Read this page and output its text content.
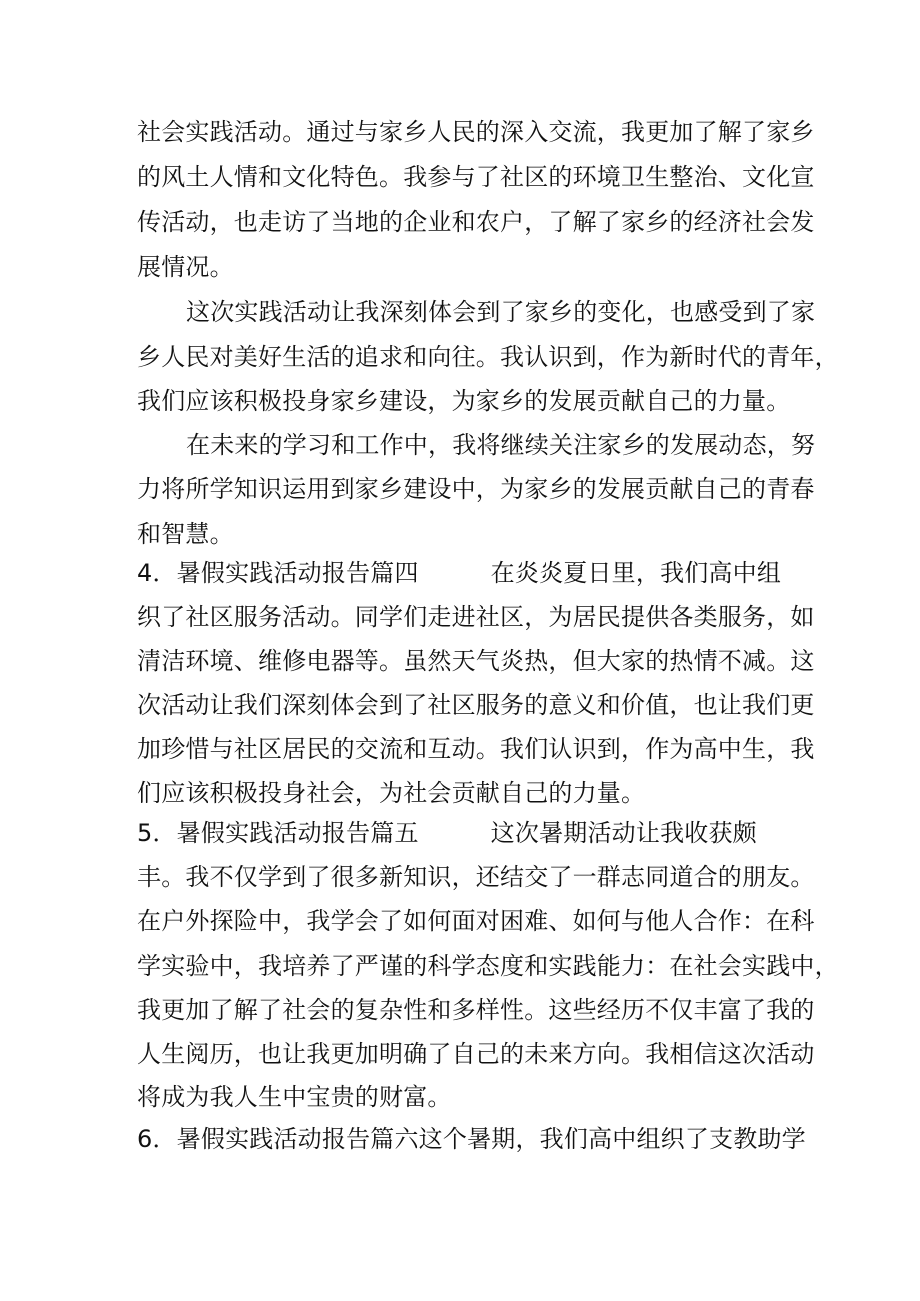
社会实践活动。通过与家乡人民的深入交流，我更加了解了家乡
的风土人情和文化特色。我参与了社区的环境卫生整治、文化宣
传活动，也走访了当地的企业和农户，了解了家乡的经济社会发
展情况。
这次实践活动让我深刻体会到了家乡的变化，也感受到了家
乡人民对美好生活的追求和向往。我认识到，作为新时代的青年，
我们应该积极投身家乡建设，为家乡的发展贡献自己的力量。
在未来的学习和工作中，我将继续关注家乡的发展动态，努
力将所学知识运用到家乡建设中，为家乡的发展贡献自己的青春
和智慧。
4．暑假实践活动报告篇四	在炎炎夏日里，我们高中组
织了社区服务活动。同学们走进社区，为居民提供各类服务，如
清洁环境、维修电器等。虽然天气炎热，但大家的热情不减。这
次活动让我们深刻体会到了社区服务的意义和价值，也让我们更
加珍惜与社区居民的交流和互动。我们认识到，作为高中生，我
们应该积极投身社会，为社会贡献自己的力量。
5．暑假实践活动报告篇五	这次暑期活动让我收获颇
丰。我不仅学到了很多新知识，还结交了一群志同道合的朋友。
在户外探险中，我学会了如何面对困难、如何与他人合作：在科
学实验中，我培养了严谨的科学态度和实践能力：在社会实践中，
我更加了解了社会的复杂性和多样性。这些经历不仅丰富了我的
人生阅历，也让我更加明确了自己的未来方向。我相信这次活动
将成为我人生中宝贵的财富。
6．暑假实践活动报告篇六这个暑期，我们高中组织了支教助学
